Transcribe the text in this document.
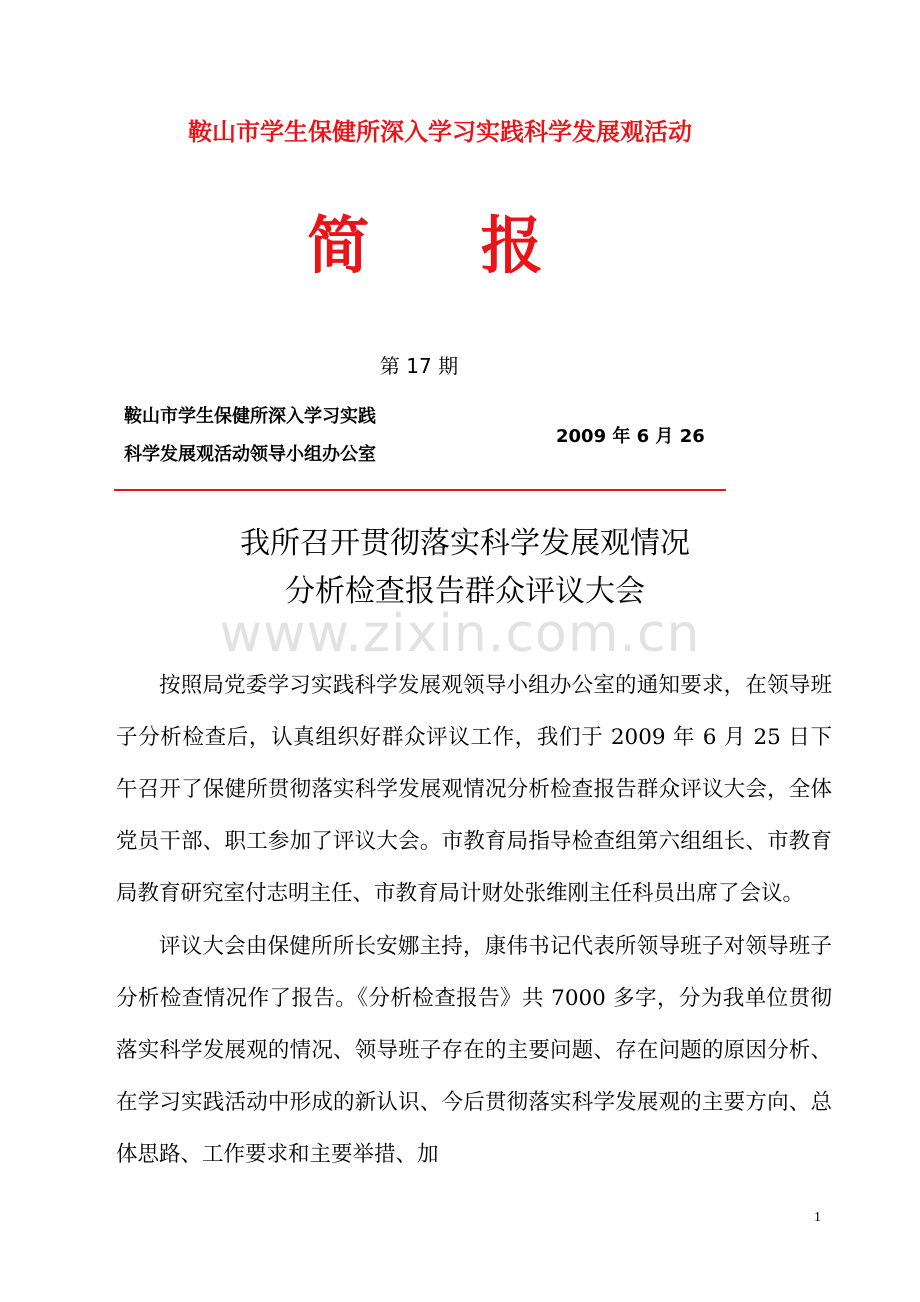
鞍山市学生保健所深入学习实践科学发展观活动
简 报
第 17 期
鞍山市学生保健所深入学习实践
科学发展观活动领导小组办公室
2009 年 6 月 26
我所召开贯彻落实科学发展观情况
分析检查报告群众评议大会
www.zixin.com.cn

按照局党委学习实践科学发展观领导小组办公室的通知要求，在领导班子分析检查后，认真组织好群众评议工作，我们于 2009 年 6 月 25 日下午召开了保健所贯彻落实科学发展观情况分析检查报告群众评议大会，全体党员干部、职工参加了评议大会。市教育局指导检查组第六组组长、市教育局教育研究室付志明主任、市教育局计财处张维刚主任科员出席了会议。

评议大会由保健所所长安娜主持，康伟书记代表所领导班子对领导班子分析检查情况作了报告。《分析检查报告》共 7000 多字，分为我单位贯彻落实科学发展观的情况、领导班子存在的主要问题、存在问题的原因分析、在学习实践活动中形成的新认识、今后贯彻落实科学发展观的主要方向、总体思路、工作要求和主要举措、加

1
